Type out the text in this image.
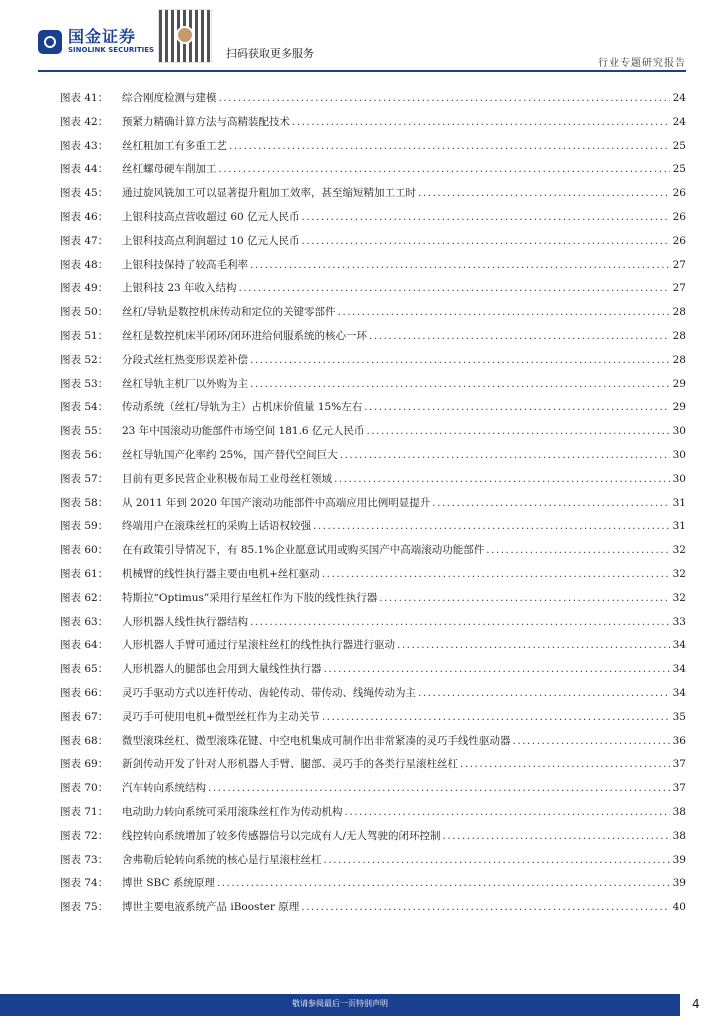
国金证券
SINOLINK SECURITIES	扫码获取更多服务
行业专题研究报告
图表 41：	综合刚度检测与建模 .....	24
图表 42：	预紧力精确计算方法与高精装配技术 .....	24
图表 43：	丝杠粗加工有多重工艺 .....	25
图表 44：	丝杠螺母硬车削加工 .....	25
图表 45：	通过旋风铣加工可以显著提升粗加工效率，甚至缩短精加工工时 .....	26
图表 46：	上银科技高点营收超过 60 亿元人民币 .....	26
图表 47：	上银科技高点利润超过 10 亿元人民币 .....	26
图表 48：	上银科技保持了较高毛利率 .....	27
图表 49：	上银科技 23 年收入结构 .....	27
图表 50：	丝杠/导轨是数控机床传动和定位的关键零部件 .....	28
图表 51：	丝杠是数控机床半闭环/闭环进给伺服系统的核心一环 .....	28
图表 52：	分段式丝杠热变形误差补偿 .....	28
图表 53：	丝杠导轨主机厂以外购为主 .....	29
图表 54：	传动系统（丝杠/导轨为主）占机床价值量 15%左右 .....	29
图表 55：	23 年中国滚动功能部件市场空间 181.6 亿元人民币 .....	30
图表 56：	丝杠导轨国产化率约 25%，国产替代空间巨大 .....	30
图表 57：	目前有更多民营企业积极布局工业母丝杠领域 .....	30
图表 58：	从 2011 年到 2020 年国产滚动功能部件中高端应用比例明显提升 .....	31
图表 59：	终端用户在滚珠丝杠的采购上话语权较强 .....	31
图表 60：	在有政策引导情况下，有 85.1%企业愿意试用或购买国产中高端滚动功能部件 .....	32
图表 61：	机械臂的线性执行器主要由电机+丝杠驱动 .....	32
图表 62：	特斯拉“Optimus”采用行星丝杠作为下肢的线性执行器 .....	32
图表 63：	人形机器人线性执行器结构 .....	33
图表 64：	人形机器人手臂可通过行星滚柱丝杠的线性执行器进行驱动 .....	34
图表 65：	人形机器人的腿部也会用到大量线性执行器 .....	34
图表 66：	灵巧手驱动方式以连杆传动、齿轮传动、带传动、线绳传动为主 .....	34
图表 67：	灵巧手可使用电机+微型丝杠作为主动关节 .....	35
图表 68：	微型滚珠丝杠、微型滚珠花键、中空电机集成可制作出非常紧凑的灵巧手线性驱动器 .....	36
图表 69：	新剑传动开发了针对人形机器人手臂、腿部、灵巧手的各类行星滚柱丝杠 .....	37
图表 70：	汽车转向系统结构 .....	37
图表 71：	电动助力转向系统可采用滚珠丝杠作为传动机构 .....	38
图表 72：	线控转向系统增加了较多传感器信号以完成有人/无人驾驶的闭环控制 .....	38
图表 73：	舍弗勒后轮转向系统的核心是行星滚柱丝杠 .....	39
图表 74：	博世 SBC 系统原理 .....	39
图表 75：	博世主要电液系统产品 iBooster 原理 .....	40
敬请参阅最后一页特别声明	4
